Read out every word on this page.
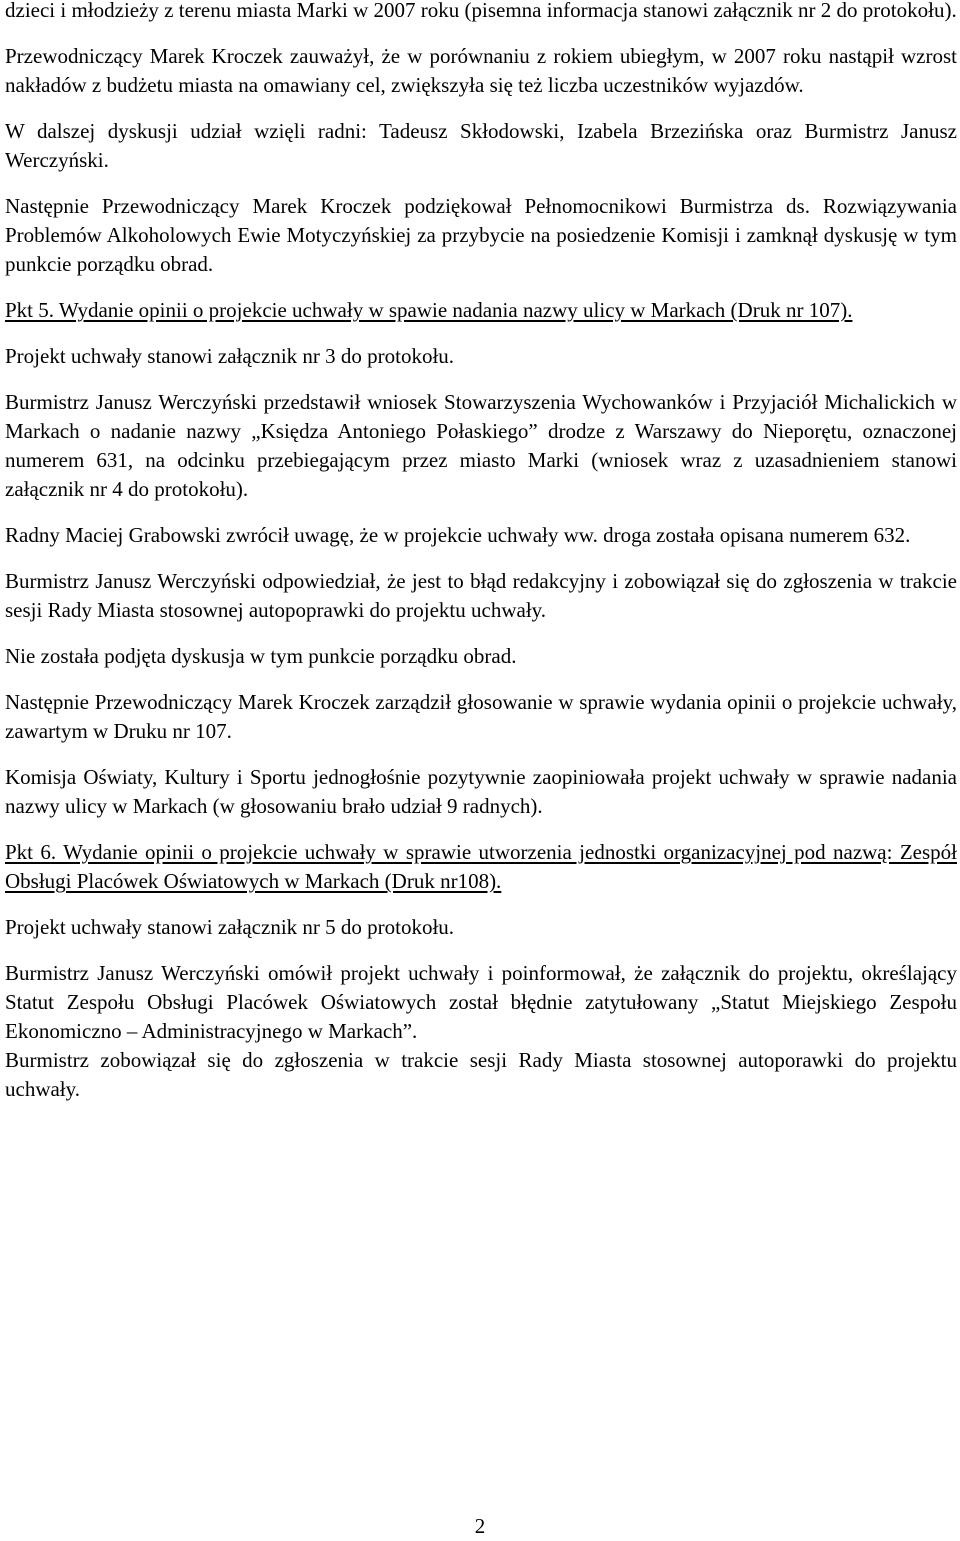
dzieci i młodzieży z terenu miasta Marki w 2007 roku (pisemna informacja stanowi załącznik nr 2 do protokołu).

Przewodniczący Marek Kroczek zauważył, że w porównaniu z rokiem ubiegłym, w 2007 roku nastąpił wzrost nakładów z budżetu miasta na omawiany cel, zwiększyła się też liczba uczestników wyjazdów.

W dalszej dyskusji udział wzięli radni: Tadeusz Skłodowski, Izabela Brzezińska oraz Burmistrz Janusz Werczyński.

Następnie Przewodniczący Marek Kroczek podziękował Pełnomocnikowi Burmistrza ds. Rozwiązywania Problemów Alkoholowych Ewie Motyczyńskiej za przybycie na posiedzenie Komisji i zamknął dyskusję w tym punkcie porządku obrad.

Pkt 5. Wydanie opinii o projekcie uchwały w spawie nadania nazwy ulicy w Markach (Druk nr 107).

Projekt uchwały stanowi załącznik nr 3 do protokołu.

Burmistrz Janusz Werczyński przedstawił wniosek Stowarzyszenia Wychowanków i Przyjaciół Michalickich w Markach o nadanie nazwy „Księdza Antoniego Połaskiego” drodze z Warszawy do Nieporętu, oznaczonej numerem 631, na odcinku przebiegającym przez miasto Marki (wniosek wraz z uzasadnieniem stanowi załącznik nr 4 do protokołu).

Radny Maciej Grabowski zwrócił uwagę, że w projekcie uchwały ww. droga została opisana numerem 632.

Burmistrz Janusz Werczyński odpowiedział, że jest to błąd redakcyjny i zobowiązał się do zgłoszenia w trakcie sesji Rady Miasta stosownej autopoprawki do projektu uchwały.

Nie została podjęta dyskusja w tym punkcie porządku obrad.

Następnie Przewodniczący Marek Kroczek zarządził głosowanie w sprawie wydania opinii o projekcie uchwały, zawartym w Druku nr 107.

Komisja Oświaty, Kultury i Sportu jednogłośnie pozytywnie zaopiniowała projekt uchwały w sprawie nadania nazwy ulicy w Markach (w głosowaniu brało udział 9 radnych).

Pkt 6. Wydanie opinii o projekcie uchwały w sprawie utworzenia jednostki organizacyjnej pod nazwą: Zespół Obsługi Placówek Oświatowych w Markach (Druk nr108).

Projekt uchwały stanowi załącznik nr 5 do protokołu.

Burmistrz Janusz Werczyński omówił projekt uchwały i poinformował, że załącznik do projektu, określający Statut Zespołu Obsługi Placówek Oświatowych został błędnie zatytułowany „Statut Miejskiego Zespołu Ekonomiczno – Administracyjnego w Markach”.

Burmistrz zobowiązał się do zgłoszenia w trakcie sesji Rady Miasta stosownej autoporawki do projektu uchwały.

2
